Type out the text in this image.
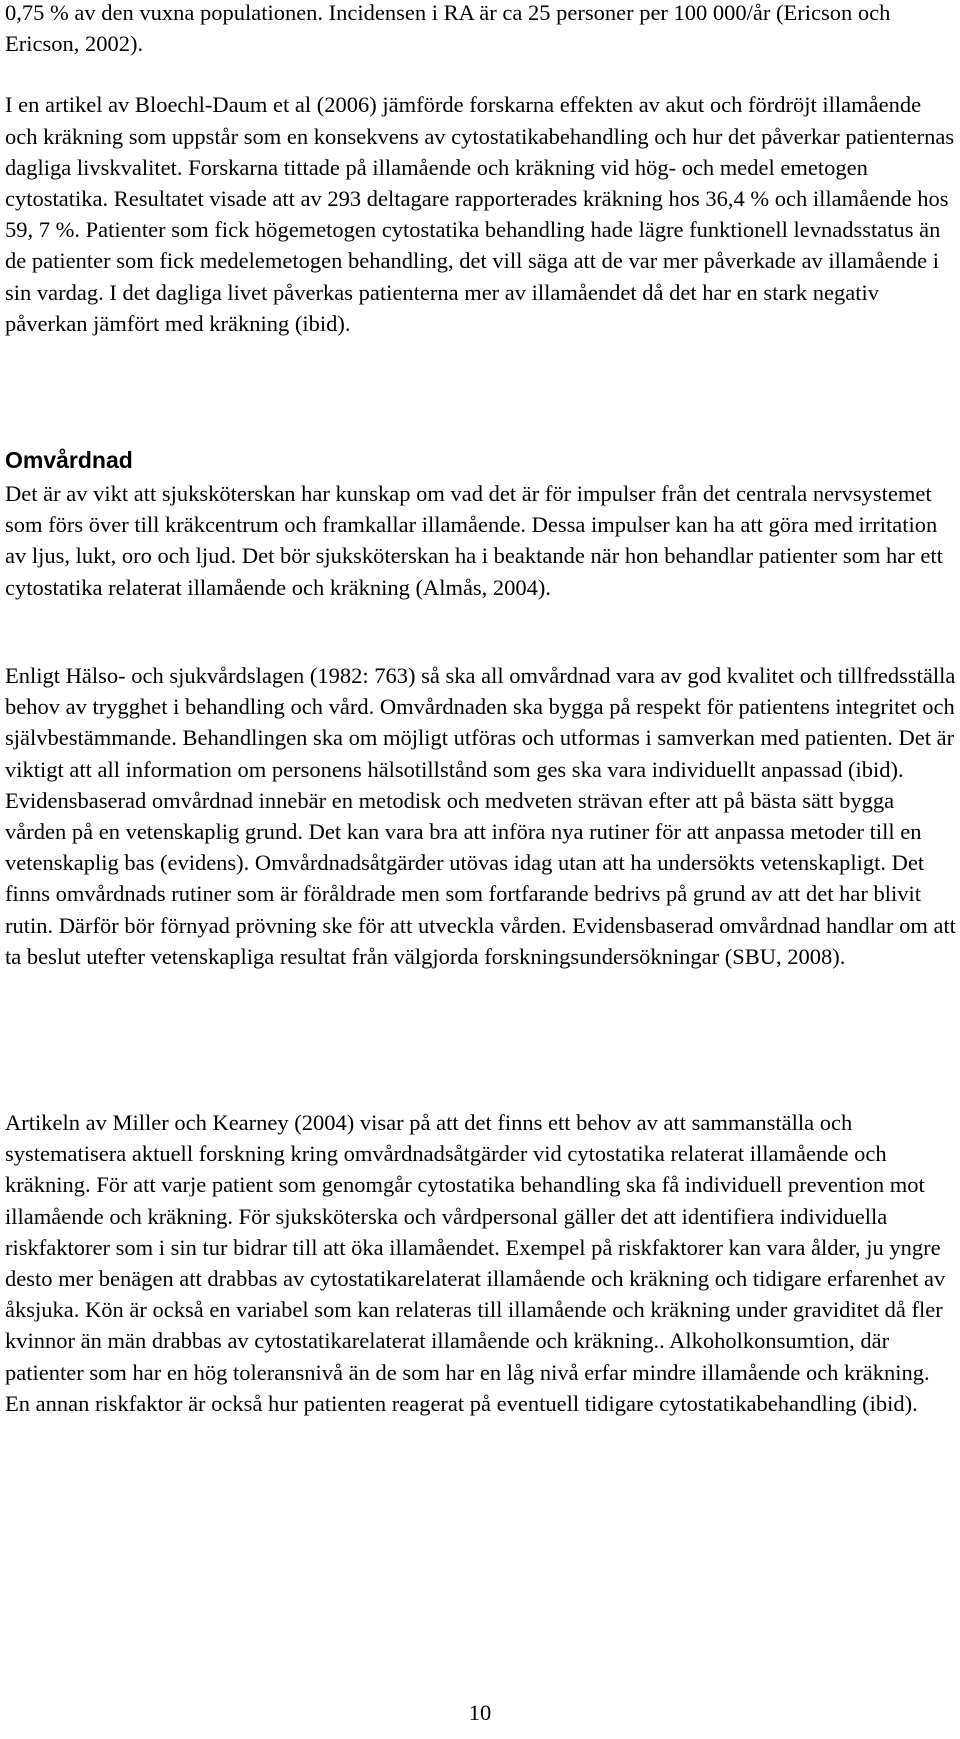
0,75 % av den vuxna populationen. Incidensen i RA är ca 25 personer per 100 000/år (Ericson och Ericson, 2002).

I en artikel av Bloechl-Daum et al (2006) jämförde forskarna effekten av akut och fördröjt illamående och kräkning som uppstår som en konsekvens av cytostatikabehandling och hur det påverkar patienternas dagliga livskvalitet. Forskarna tittade på illamående och kräkning vid hög- och medel emetogen cytostatika. Resultatet visade att av 293 deltagare rapporterades kräkning hos 36,4 % och illamående hos 59, 7 %. Patienter som fick högemetogen cytostatika behandling hade lägre funktionell levnadsstatus än de patienter som fick medelemetogen behandling, det vill säga att de var mer påverkade av illamående i sin vardag. I det dagliga livet påverkas patienterna mer av illamåendet då det har en stark negativ påverkan jämfört med kräkning (ibid).

Omvårdnad

Det är av vikt att sjuksköterskan har kunskap om vad det är för impulser från det centrala nervsystemet som förs över till kräkcentrum och framkallar illamående. Dessa impulser kan ha att göra med irritation av ljus, lukt, oro och ljud. Det bör sjuksköterskan ha i beaktande när hon behandlar patienter som har ett cytostatika relaterat illamående och kräkning (Almås, 2004).

Enligt Hälso- och sjukvårdslagen (1982: 763) så ska all omvårdnad vara av god kvalitet och tillfredsställa behov av trygghet i behandling och vård. Omvårdnaden ska bygga på respekt för patientens integritet och självbestämmande. Behandlingen ska om möjligt utföras och utformas i samverkan med patienten. Det är viktigt att all information om personens hälsotillstånd som ges ska vara individuellt anpassad (ibid). Evidensbaserad omvårdnad innebär en metodisk och medveten strävan efter att på bästa sätt bygga vården på en vetenskaplig grund. Det kan vara bra att införa nya rutiner för att anpassa metoder till en vetenskaplig bas (evidens). Omvårdnadsåtgärder utövas idag utan att ha undersökts vetenskapligt. Det finns omvårdnads rutiner som är föråldrade men som fortfarande bedrivs på grund av att det har blivit rutin. Därför bör förnyad prövning ske för att utveckla vården. Evidensbaserad omvårdnad handlar om att ta beslut utefter vetenskapliga resultat från välgjorda forskningsundersökningar (SBU, 2008).

Artikeln av Miller och Kearney (2004) visar på att det finns ett behov av att sammanställa och systematisera aktuell forskning kring omvårdnadsåtgärder vid cytostatika relaterat illamående och kräkning. För att varje patient som genomgår cytostatika behandling ska få individuell prevention mot illamående och kräkning. För sjuksköterska och vårdpersonal gäller det att identifiera individuella riskfaktorer som i sin tur bidrar till att öka illamåendet. Exempel på riskfaktorer kan vara ålder, ju yngre desto mer benägen att drabbas av cytostatikarelaterat illamående och kräkning och tidigare erfarenhet av åksjuka. Kön är också en variabel som kan relateras till illamående och kräkning under graviditet då fler kvinnor än män drabbas av cytostatikarelaterat illamående och kräkning.. Alkoholkonsumtion, där patienter som har en hög toleransnivå än de som har en låg nivå erfar mindre illamående och kräkning. En annan riskfaktor är också hur patienten reagerat på eventuell tidigare cytostatikabehandling (ibid).

10
